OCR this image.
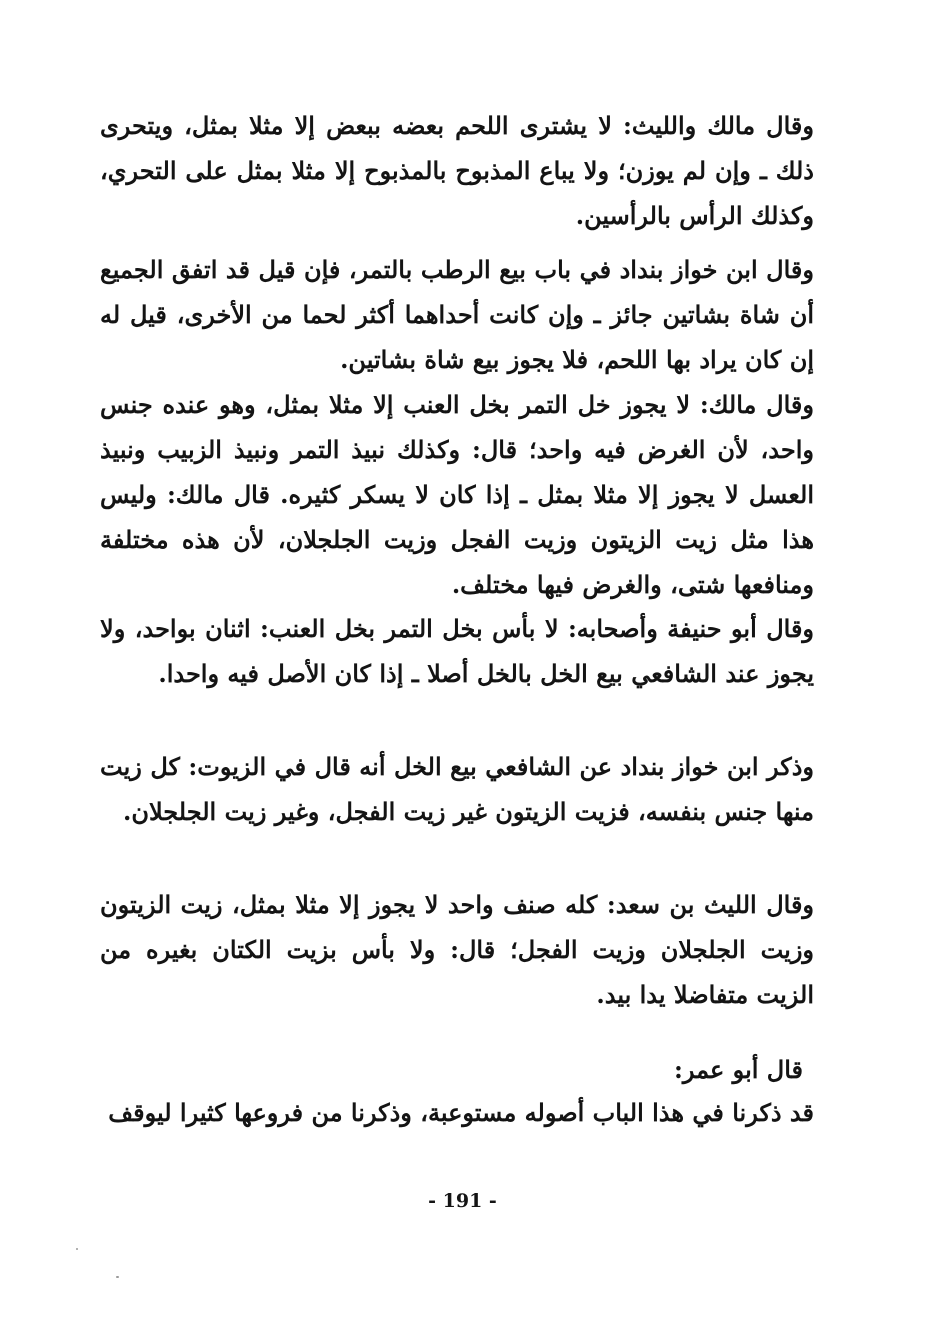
وقال مالك والليث: لا يشترى اللحم بعضه ببعض إلا مثلا بمثل، ويتحرى ذلك ـ وإن لم يوزن؛ ولا يباع المذبوح بالمذبوح إلا مثلا بمثل على التحري، وكذلك الرأس بالرأسين.

وقال ابن خواز بنداد في باب بيع الرطب بالتمر، فإن قيل قد اتفق الجميع أن شاة بشاتين جائز ـ وإن كانت أحداهما أكثر لحما من الأخرى، قيل له إن كان يراد بها اللحم، فلا يجوز بيع شاة بشاتين.

وقال مالك: لا يجوز خل التمر بخل العنب إلا مثلا بمثل، وهو عنده جنس واحد، لأن الغرض فيه واحد؛ قال: وكذلك نبيذ التمر ونبيذ الزبيب ونبيذ العسل لا يجوز إلا مثلا بمثل ـ إذا كان لا يسكر كثيره. قال مالك: وليس هذا مثل زيت الزيتون وزيت الفجل وزيت الجلجلان، لأن هذه مختلفة ومنافعها شتى، والغرض فيها مختلف.

وقال أبو حنيفة وأصحابه: لا بأس بخل التمر بخل العنب: اثنان بواحد، ولا يجوز عند الشافعي بيع الخل بالخل أصلا ـ إذا كان الأصل فيه واحدا.

وذكر ابن خواز بنداد عن الشافعي بيع الخل أنه قال في الزيوت: كل زيت منها جنس بنفسه، فزيت الزيتون غير زيت الفجل، وغير زيت الجلجلان.

وقال الليث بن سعد: كله صنف واحد لا يجوز إلا مثلا بمثل، زيت الزيتون وزيت الجلجلان وزيت الفجل؛ قال: ولا بأس بزيت الكتان بغيره من الزيت متفاضلا يدا بيد.

قال أبو عمر:

قد ذكرنا في هذا الباب أصوله مستوعبة، وذكرنا من فروعها كثيرا ليوقف

- 191 -
